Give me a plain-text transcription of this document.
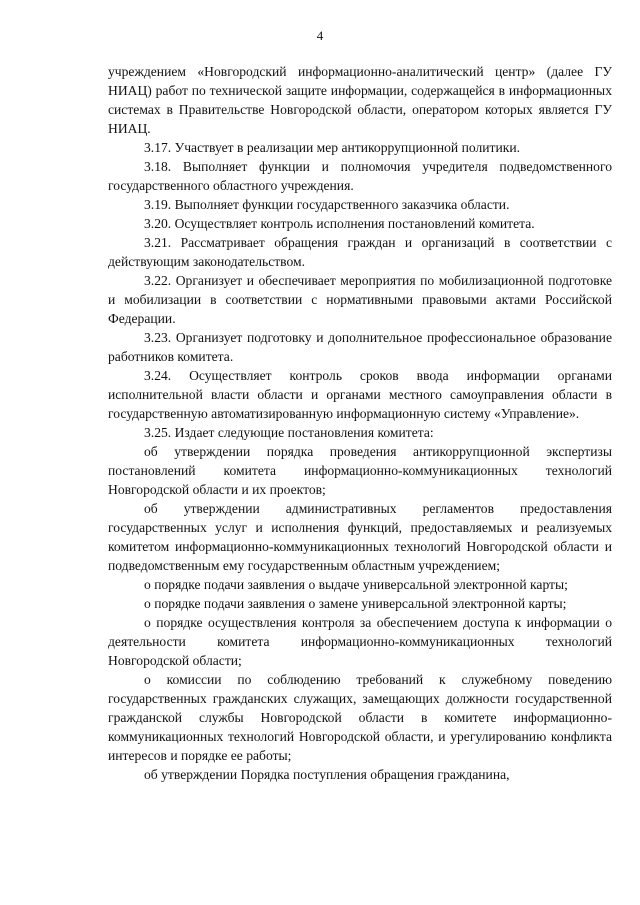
4

учреждением «Новгородский информационно-аналитический центр» (далее ГУ НИАЦ) работ по технической защите информации, содержащейся в информационных системах в Правительстве Новгородской области, оператором которых является ГУ НИАЦ.

3.17. Участвует в реализации мер антикоррупционной политики.

3.18. Выполняет функции и полномочия учредителя подведомственного государственного областного учреждения.

3.19. Выполняет функции государственного заказчика области.

3.20. Осуществляет контроль исполнения постановлений комитета.

3.21. Рассматривает обращения граждан и организаций в соответствии с действующим законодательством.

3.22. Организует и обеспечивает мероприятия по мобилизационной подготовке и мобилизации в соответствии с нормативными правовыми актами Российской Федерации.

3.23. Организует подготовку и дополнительное профессиональное образование работников комитета.

3.24. Осуществляет контроль сроков ввода информации органами исполнительной власти области и органами местного самоуправления области в государственную автоматизированную информационную систему «Управление».

3.25. Издает следующие постановления комитета:

об утверждении порядка проведения антикоррупционной экспертизы постановлений комитета информационно-коммуникационных технологий Новгородской области и их проектов;

об утверждении административных регламентов предоставления государственных услуг и исполнения функций, предоставляемых и реализуемых комитетом информационно-коммуникационных технологий Новгородской области и подведомственным ему государственным областным учреждением;

о порядке подачи заявления о выдаче универсальной электронной карты;

о порядке подачи заявления о замене универсальной электронной карты;

о порядке осуществления контроля за обеспечением доступа к информации о деятельности комитета информационно-коммуникационных технологий Новгородской области;

о комиссии по соблюдению требований к служебному поведению государственных гражданских служащих, замещающих должности государственной гражданской службы Новгородской области в комитете информационно-коммуникационных технологий Новгородской области, и урегулированию конфликта интересов и порядке ее работы;

об утверждении Порядка поступления обращения гражданина,
